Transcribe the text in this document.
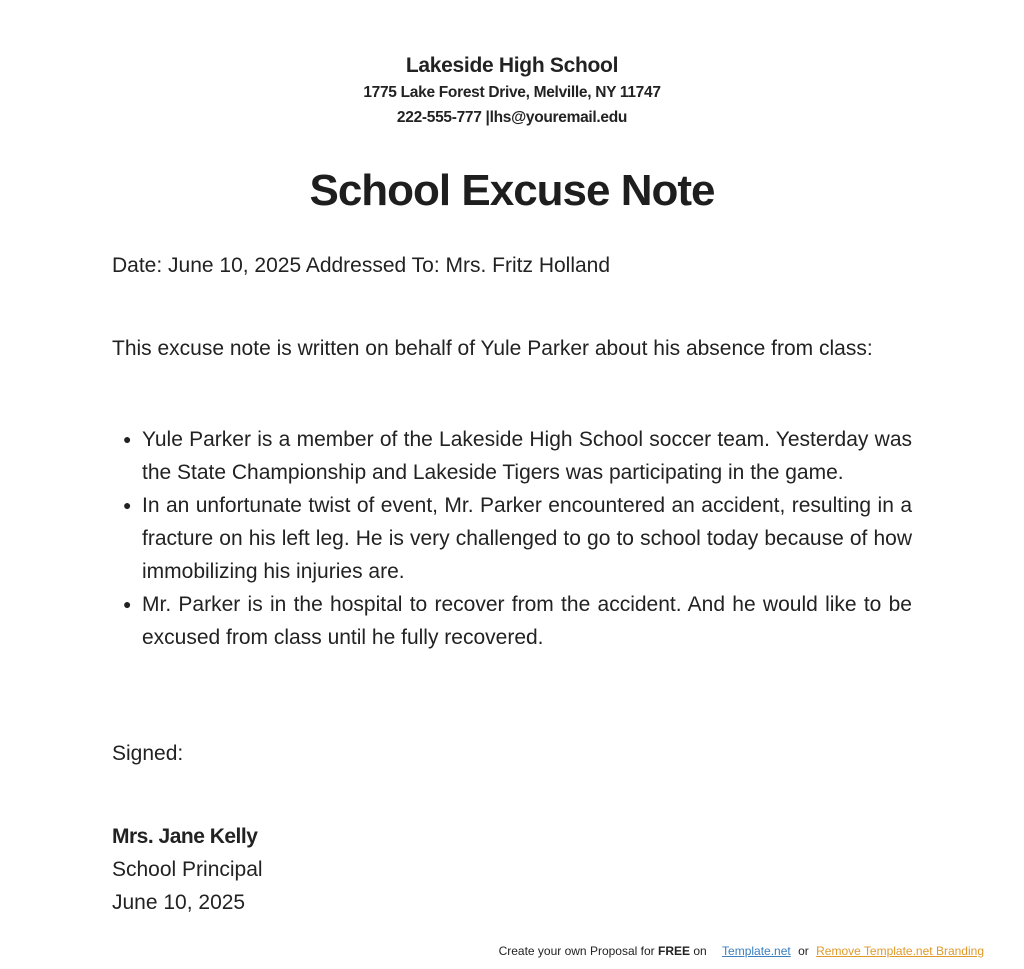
Lakeside High School
1775 Lake Forest Drive, Melville, NY 11747
222-555-777 |lhs@youremail.edu
School Excuse Note
Date: June 10, 2025 Addressed To: Mrs. Fritz Holland
This excuse note is written on behalf of Yule Parker about his absence from class:
● Yule Parker is a member of the Lakeside High School soccer team. Yesterday was the State Championship and Lakeside Tigers was participating in the game.
● In an unfortunate twist of event, Mr. Parker encountered an accident, resulting in a fracture on his left leg. He is very challenged to go to school today because of how immobilizing his injuries are.
● Mr. Parker is in the hospital to recover from the accident. And he would like to be excused from class until he fully recovered.
Signed:
Mrs. Jane Kelly
School Principal
June 10, 2025
Create your own Proposal for FREE on Template.net or Remove Template.net Branding
